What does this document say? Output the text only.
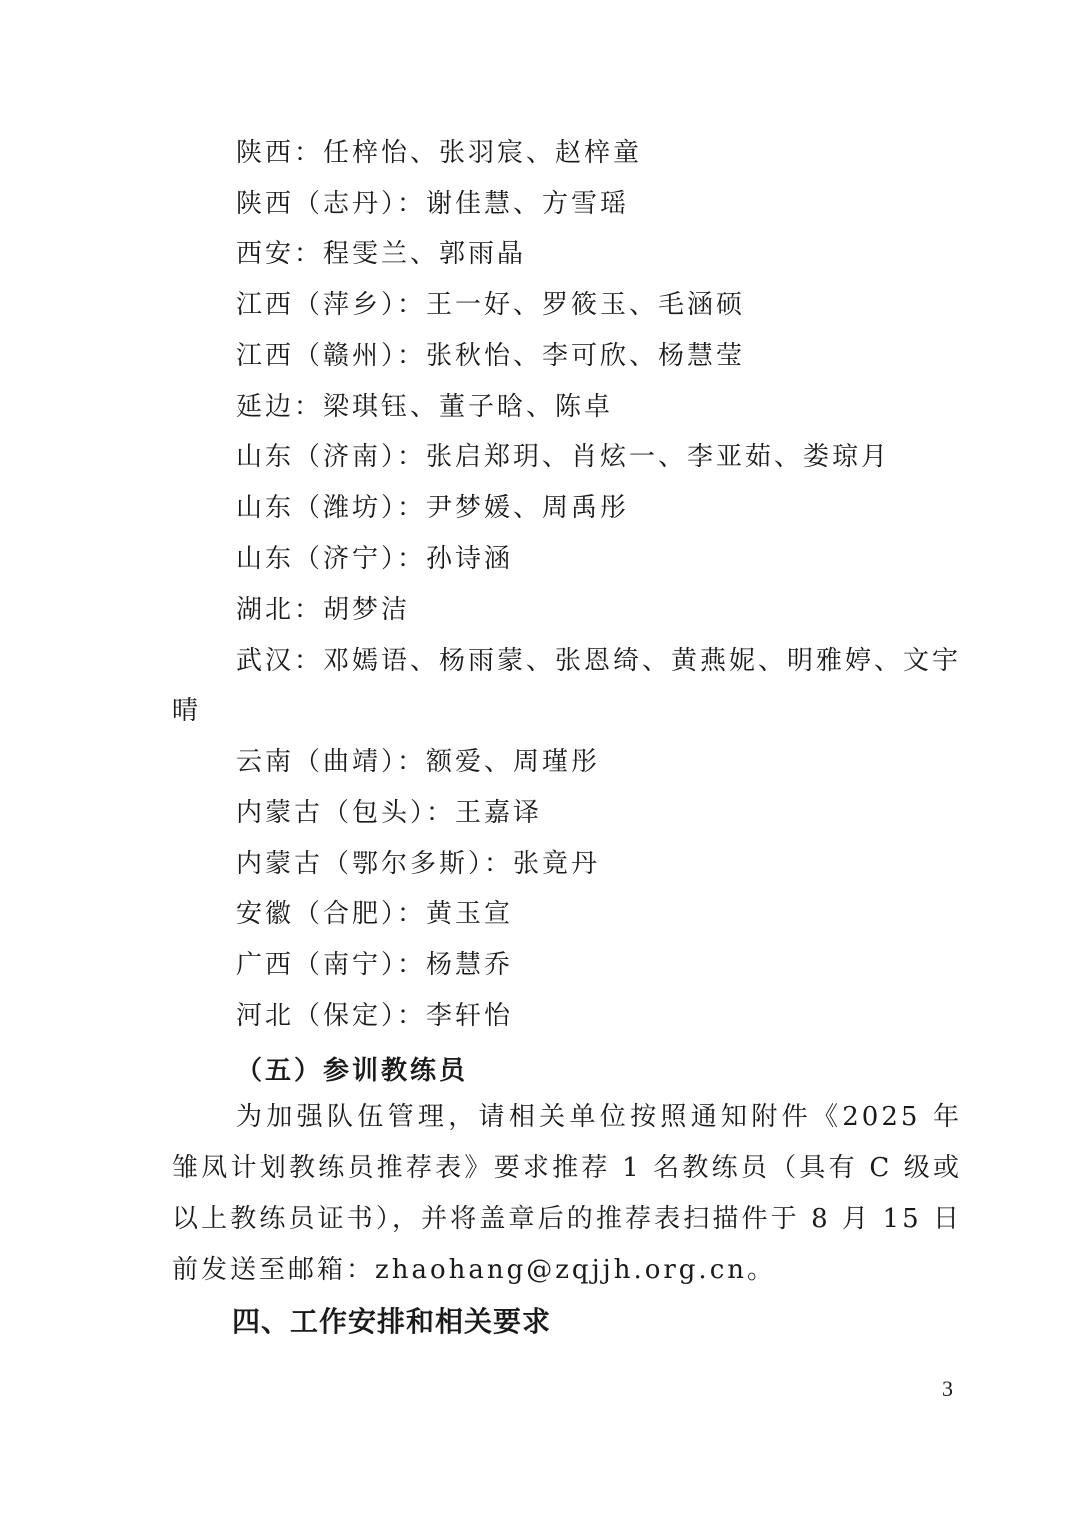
陕西：任梓怡、张羽宸、赵梓童
陕西（志丹）：谢佳慧、方雪瑶
西安：程雯兰、郭雨晶
江西（萍乡）：王一好、罗筱玉、毛涵硕
江西（赣州）：张秋怡、李可欣、杨慧莹
延边：梁琪钰、董子晗、陈卓
山东（济南）：张启郑玥、肖炫一、李亚茹、娄琼月
山东（潍坊）：尹梦媛、周禹彤
山东（济宁）：孙诗涵
湖北：胡梦洁
武汉：邓嫣语、杨雨蒙、张恩绮、黄燕妮、明雅婷、文宇
晴
云南（曲靖）：额爱、周瑾彤
内蒙古（包头）：王嘉译
内蒙古（鄂尔多斯）：张竟丹
安徽（合肥）：黄玉宣
广西（南宁）：杨慧乔
河北（保定）：李轩怡
（五）参训教练员
为加强队伍管理，请相关单位按照通知附件《2025 年雏凤计划教练员推荐表》要求推荐 1 名教练员（具有 C 级或以上教练员证书），并将盖章后的推荐表扫描件于 8 月 15 日前发送至邮箱：zhaohang@zqjjh.org.cn。
四、工作安排和相关要求
3
